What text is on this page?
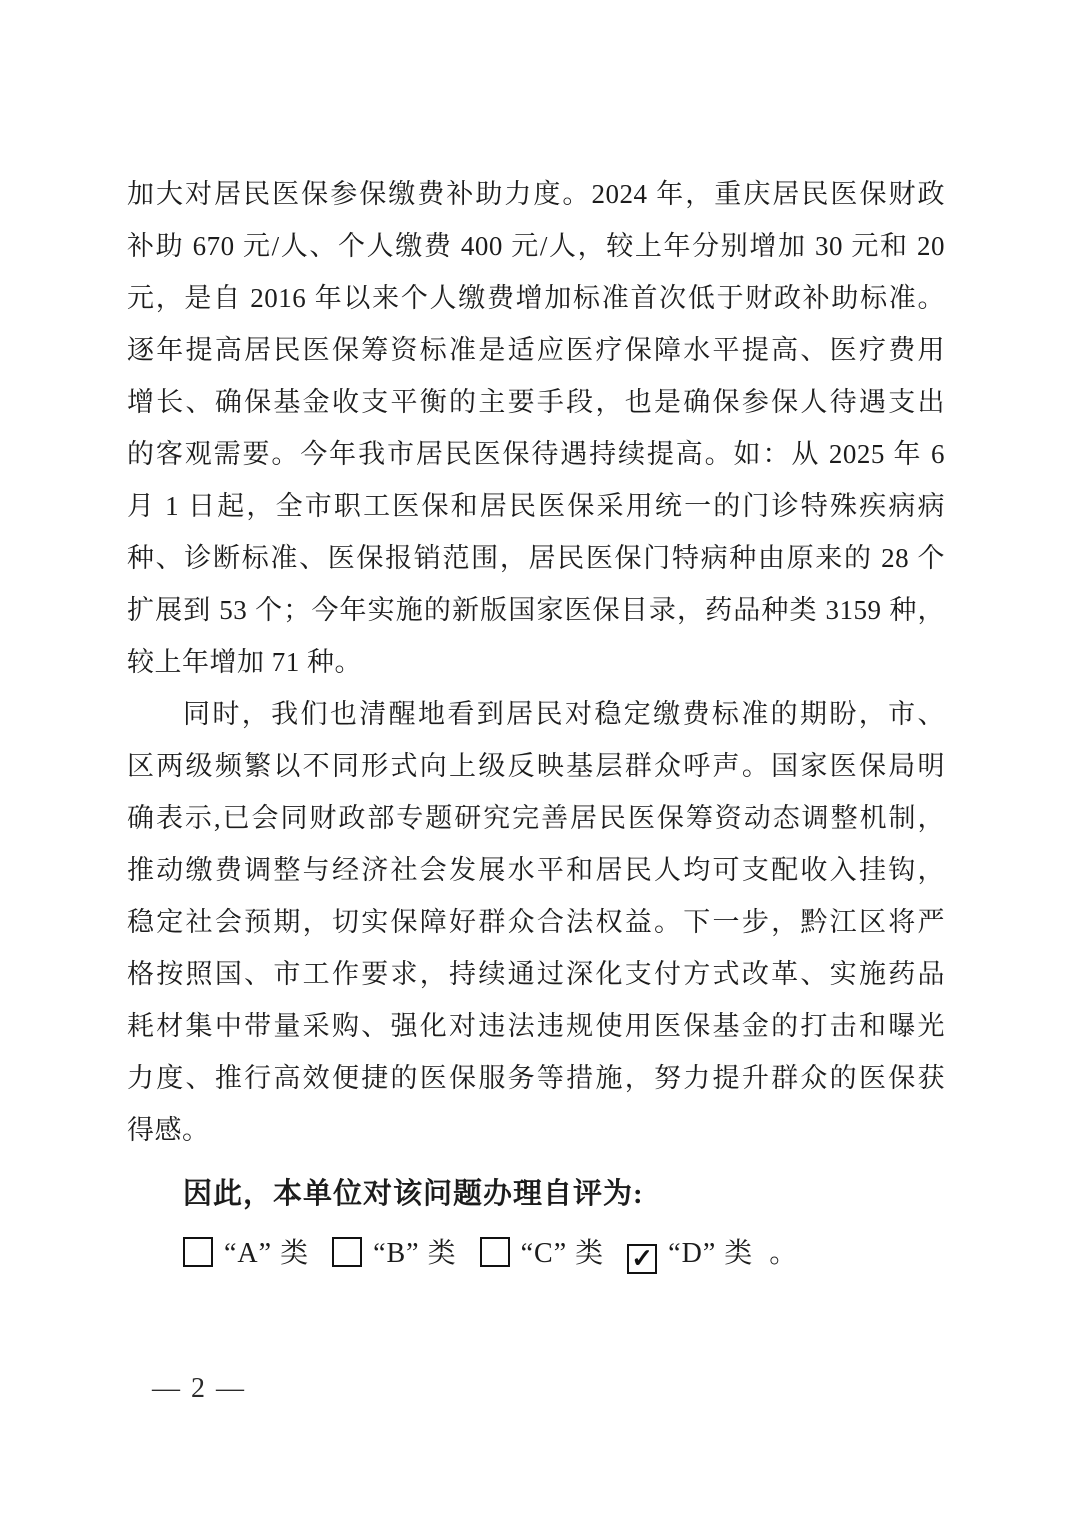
加大对居民医保参保缴费补助力度。2024 年，重庆居民医保财政
补助 670 元/人、个人缴费 400 元/人，较上年分别增加 30 元和 20
元，是自 2016 年以来个人缴费增加标准首次低于财政补助标准。
逐年提高居民医保筹资标准是适应医疗保障水平提高、医疗费用
增长、确保基金收支平衡的主要手段，也是确保参保人待遇支出
的客观需要。今年我市居民医保待遇持续提高。如：从 2025 年 6
月 1 日起，全市职工医保和居民医保采用统一的门诊特殊疾病病
种、诊断标准、医保报销范围，居民医保门特病种由原来的 28 个
扩展到 53 个；今年实施的新版国家医保目录，药品种类 3159 种，
较上年增加 71 种。
同时，我们也清醒地看到居民对稳定缴费标准的期盼，市、
区两级频繁以不同形式向上级反映基层群众呼声。国家医保局明
确表示,已会同财政部专题研究完善居民医保筹资动态调整机制，
推动缴费调整与经济社会发展水平和居民人均可支配收入挂钩，
稳定社会预期，切实保障好群众合法权益。下一步，黔江区将严
格按照国、市工作要求，持续通过深化支付方式改革、实施药品
耗材集中带量采购、强化对违法违规使用医保基金的打击和曝光
力度、推行高效便捷的医保服务等措施，努力提升群众的医保获
得感。
因此，本单位对该问题办理自评为:
“A” 类 “B” 类 “C” 类 ✓ “D” 类 。
— 2 —
